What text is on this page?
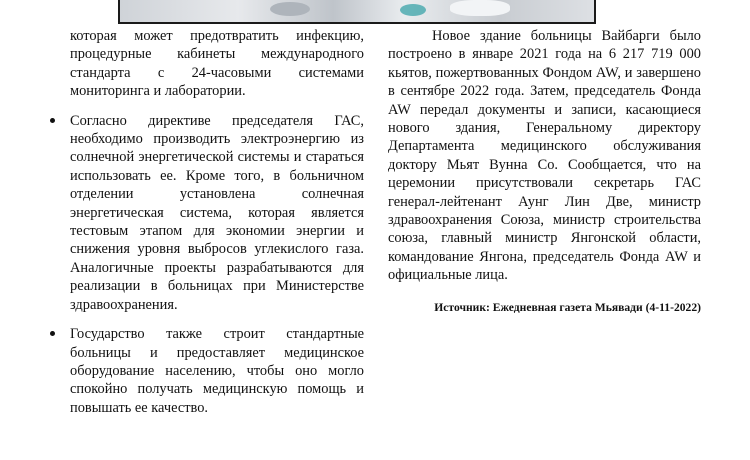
которая может предотвратить инфекцию, процедурные кабинеты международного стандарта с 24-часовыми системами мониторинга и лаборатории.

Согласно директиве председателя ГАС, необходимо производить электроэнергию из солнечной энергетической системы и стараться использовать ее. Кроме того, в больничном отделении установлена солнечная энергетическая система, которая является тестовым этапом для экономии энергии и снижения уровня выбросов углекислого газа. Аналогичные проекты разрабатываются для реализации в больницах при Министерстве здравоохранения.
Государство также строит стандартные больницы и предоставляет медицинское оборудование населению, чтобы оно могло спокойно получать медицинскую помощь и повышать ее качество.

Новое здание больницы Вайбарги было построено в январе 2021 года на 6 217 719 000 кьятов, пожертвованных Фондом AW, и завершено в сентябре 2022 года. Затем, председатель Фонда AW передал документы и записи, касающиеся нового здания, Генеральному директору Департамента медицинского обслуживания доктору Мьят Вунна Со. Сообщается, что на церемонии присутствовали секретарь ГАС генерал-лейтенант Аунг Лин Две, министр здравоохранения Союза, министр строительства союза, главный министр Янгонской области, командование Янгона, председатель Фонда AW и официальные лица.

Источник: Ежедневная газета Мьявади (4-11-2022)
